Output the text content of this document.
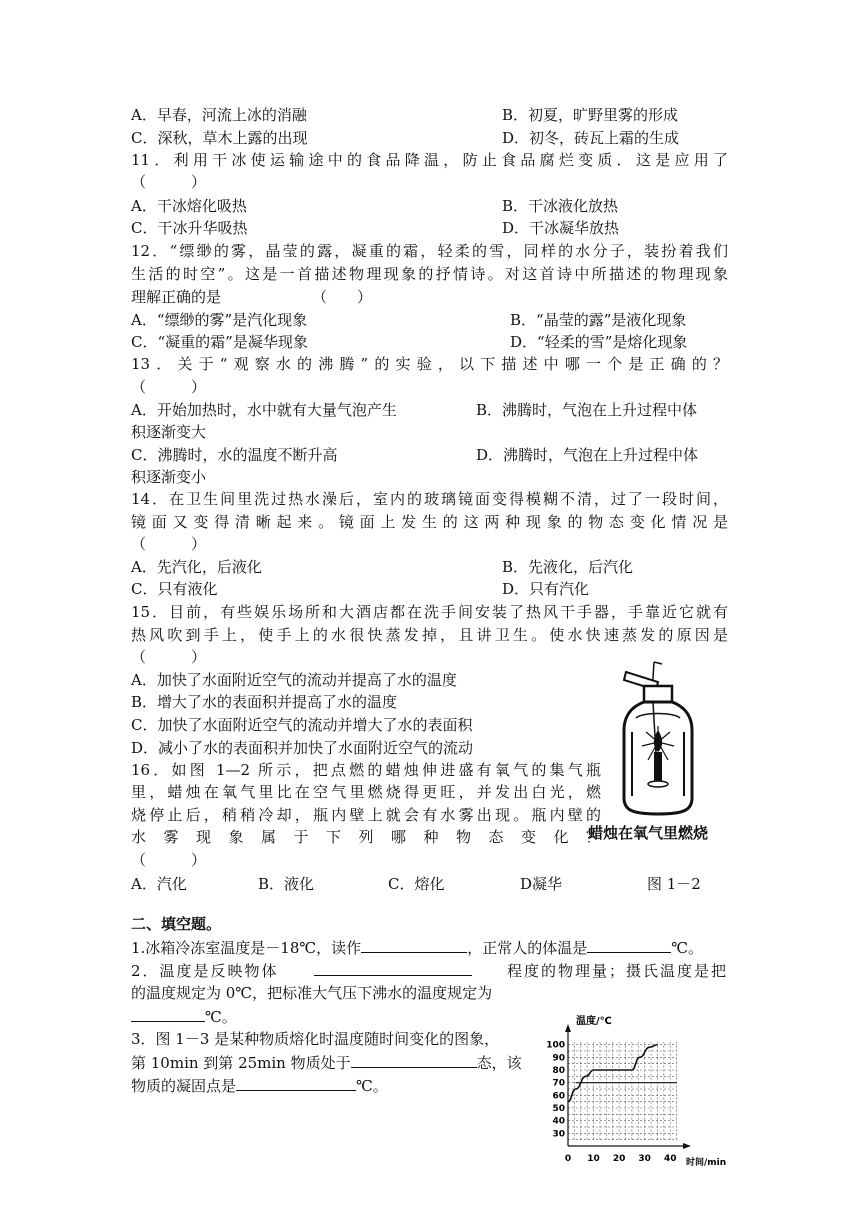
A．早春，河流上冰的消融	B．初夏，旷野里雾的形成
C．深秋，草木上露的出现	D．初冬，砖瓦上霜的生成
11．利用干冰使运输途中的食品降温，防止食品腐烂变质．这是应用了
（　　　）
A．干冰熔化吸热	B．干冰液化放热
C．干冰升华吸热	D．干冰凝华放热
12．“缥缈的雾，晶莹的露，凝重的霜，轻柔的雪，同样的水分子，装扮着我们
生活的时空”。这是一首描述物理现象的抒情诗。对这首诗中所描述的物理现象
理解正确的是	（　　）
A．“缥缈的雾”是汽化现象	B．“晶莹的露”是液化现象
C．“凝重的霜”是凝华现象	D．“轻柔的雪”是熔化现象
13．关于“观察水的沸腾”的实验，以下描述中哪一个是正确的？
（　　　）
A．开始加热时，水中就有大量气泡产生	B．沸腾时，气泡在上升过程中体
积逐渐变大
C．沸腾时，水的温度不断升高	D．沸腾时，气泡在上升过程中体
积逐渐变小
14．在卫生间里洗过热水澡后，室内的玻璃镜面变得模糊不清，过了一段时间，
镜面又变得清晰起来。镜面上发生的这两种现象的物态变化情况是
（　　　）
A．先汽化，后液化	B．先液化，后汽化
C．只有液化	D．只有汽化
15．目前，有些娱乐场所和大酒店都在洗手间安装了热风干手器，手靠近它就有
热风吹到手上，使手上的水很快蒸发掉，且讲卫生。使水快速蒸发的原因是
（　　　）
A．加快了水面附近空气的流动并提高了水的温度
B．增大了水的表面积并提高了水的温度
C．加快了水面附近空气的流动并增大了水的表面积
D．减小了水的表面积并加快了水面附近空气的流动
16．如图 1—2 所示，把点燃的蜡烛伸进盛有氧气的集气瓶
里，蜡烛在氧气里比在空气里燃烧得更旺，并发出白光，燃
烧停止后，稍稍冷却，瓶内壁上就会有水雾出现。瓶内壁的
水雾现象属于下列哪种物态变化？
（　　　）
A．汽化	B．液化	C．熔化	D凝华	图 1－2
蜡烛在氧气里燃烧
二、填空题。
1.冰箱冷冻室温度是－18℃，读作	，正常人的体温是	℃。
2．温度是反映物体	程度的物理量；摄氏温度是把
的温度规定为 0℃，把标准大气压下沸水的温度规定为
℃。
3．图 1－3 是某种物质熔化时温度随时间变化的图象，
第 10min 到第 25min 物质处于	态，该
物质的凝固点是	℃。
0 10 20 30 40
30
40
50
60
70
80
90
100
温度/℃
时间/min
